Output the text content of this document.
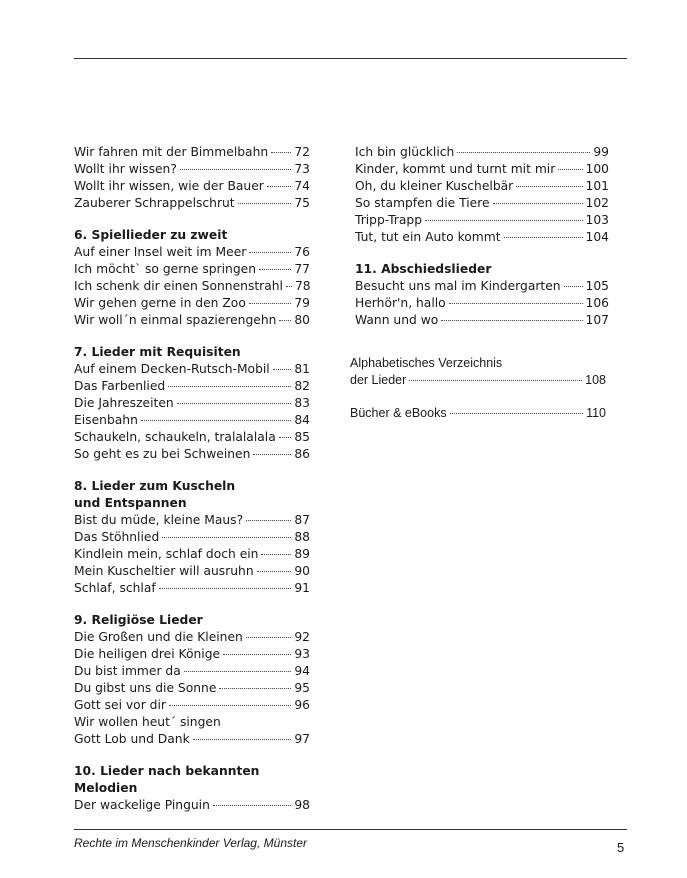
Wir fahren mit der Bimmelbahn 72
Wollt ihr wissen?	73
Wollt ihr wissen, wie der Bauer 74
Zauberer Schrappelschrut	75
6. Spiellieder zu zweit
Auf einer Insel weit im Meer	76
Ich möcht` so gerne springen	77
Ich schenk dir einen Sonnenstrahl 78
Wir gehen gerne in den Zoo	79
Wir woll´n einmal spazierengehn 80
7. Lieder mit Requisiten
Auf einem Decken-Rutsch-Mobil 81
Das Farbenlied	82
Die Jahreszeiten	83
Eisenbahn	84
Schaukeln, schaukeln, tralalalala 85
So geht es zu bei Schweinen	86
8. Lieder zum Kuscheln
und Entspannen
Bist du müde, kleine Maus?	87
Das Stöhnlied	88
Kindlein mein, schlaf doch ein	89
Mein Kuscheltier will ausruhn	90
Schlaf, schlaf	91
9. Religiöse Lieder
Die Großen und die Kleinen	92
Die heiligen drei Könige	93
Du bist immer da	94
Du gibst uns die Sonne	95
Gott sei vor dir	96
Wir wollen heut´ singen
Gott Lob und Dank	97
10. Lieder nach bekannten Melodien
Der wackelige Pinguin	98
Ich bin glücklich	99
Kinder, kommt und turnt mit mir 100
Oh, du kleiner Kuschelbär	101
So stampfen die Tiere	102
Tripp-Trapp	103
Tut, tut ein Auto kommt	104
11. Abschiedslieder
Besucht uns mal im Kindergarten 105
Herhör'n, hallo	106
Wann und wo	107
Alphabetisches Verzeichnis
der Lieder	108
Bücher & eBooks	110
Rechte im Menschenkinder Verlag, Münster	5
